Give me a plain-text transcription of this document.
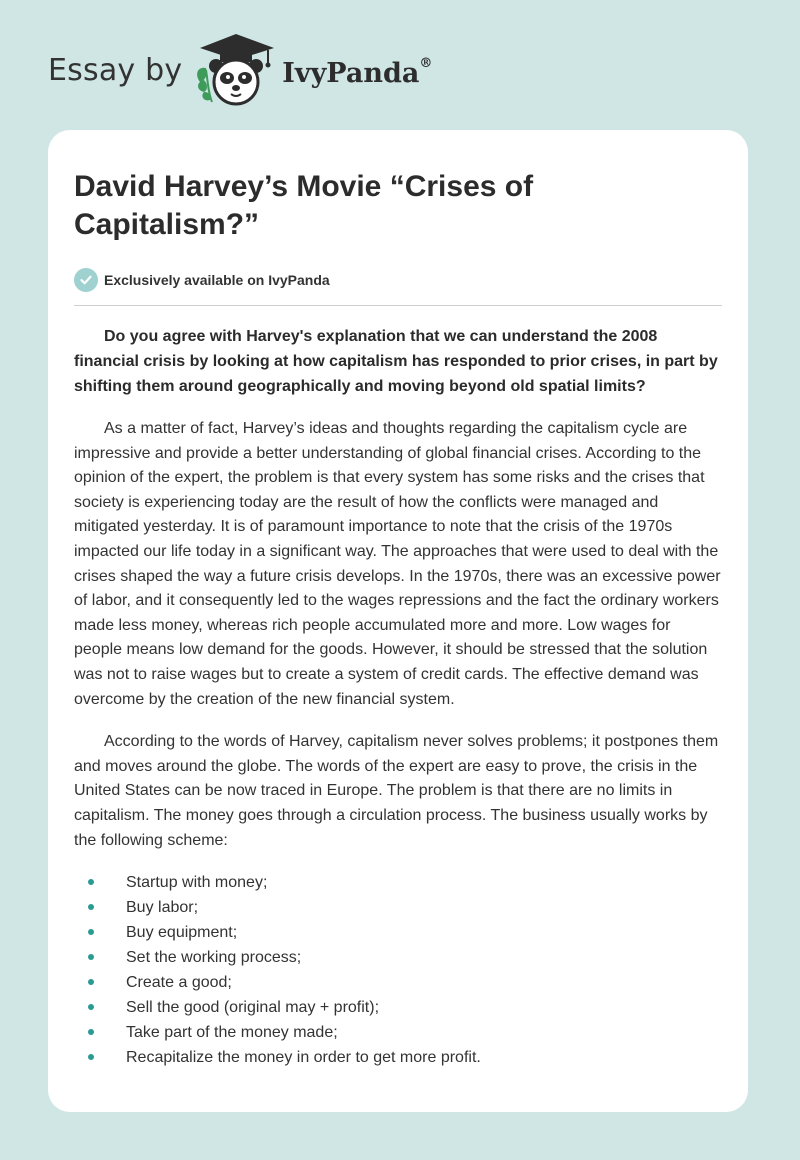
Essay by	IvyPanda®
David Harvey’s Movie “Crises of Capitalism?”
Exclusively available on IvyPanda

Do you agree with Harvey's explanation that we can understand the 2008 financial crisis by looking at how capitalism has responded to prior crises, in part by shifting them around geographically and moving beyond old spatial limits?

As a matter of fact, Harvey’s ideas and thoughts regarding the capitalism cycle are impressive and provide a better understanding of global financial crises. According to the opinion of the expert, the problem is that every system has some risks and the crises that society is experiencing today are the result of how the conflicts were managed and mitigated yesterday. It is of paramount importance to note that the crisis of the 1970s impacted our life today in a significant way. The approaches that were used to deal with the crises shaped the way a future crisis develops. In the 1970s, there was an excessive power of labor, and it consequently led to the wages repressions and the fact the ordinary workers made less money, whereas rich people accumulated more and more. Low wages for people means low demand for the goods. However, it should be stressed that the solution was not to raise wages but to create a system of credit cards. The effective demand was overcome by the creation of the new financial system.

According to the words of Harvey, capitalism never solves problems; it postpones them and moves around the globe. The words of the expert are easy to prove, the crisis in the United States can be now traced in Europe. The problem is that there are no limits in capitalism. The money goes through a circulation process. The business usually works by the following scheme:

Startup with money;
Buy labor;
Buy equipment;
Set the working process;
Create a good;
Sell the good (original may + profit);
Take part of the money made;
Recapitalize the money in order to get more profit.
